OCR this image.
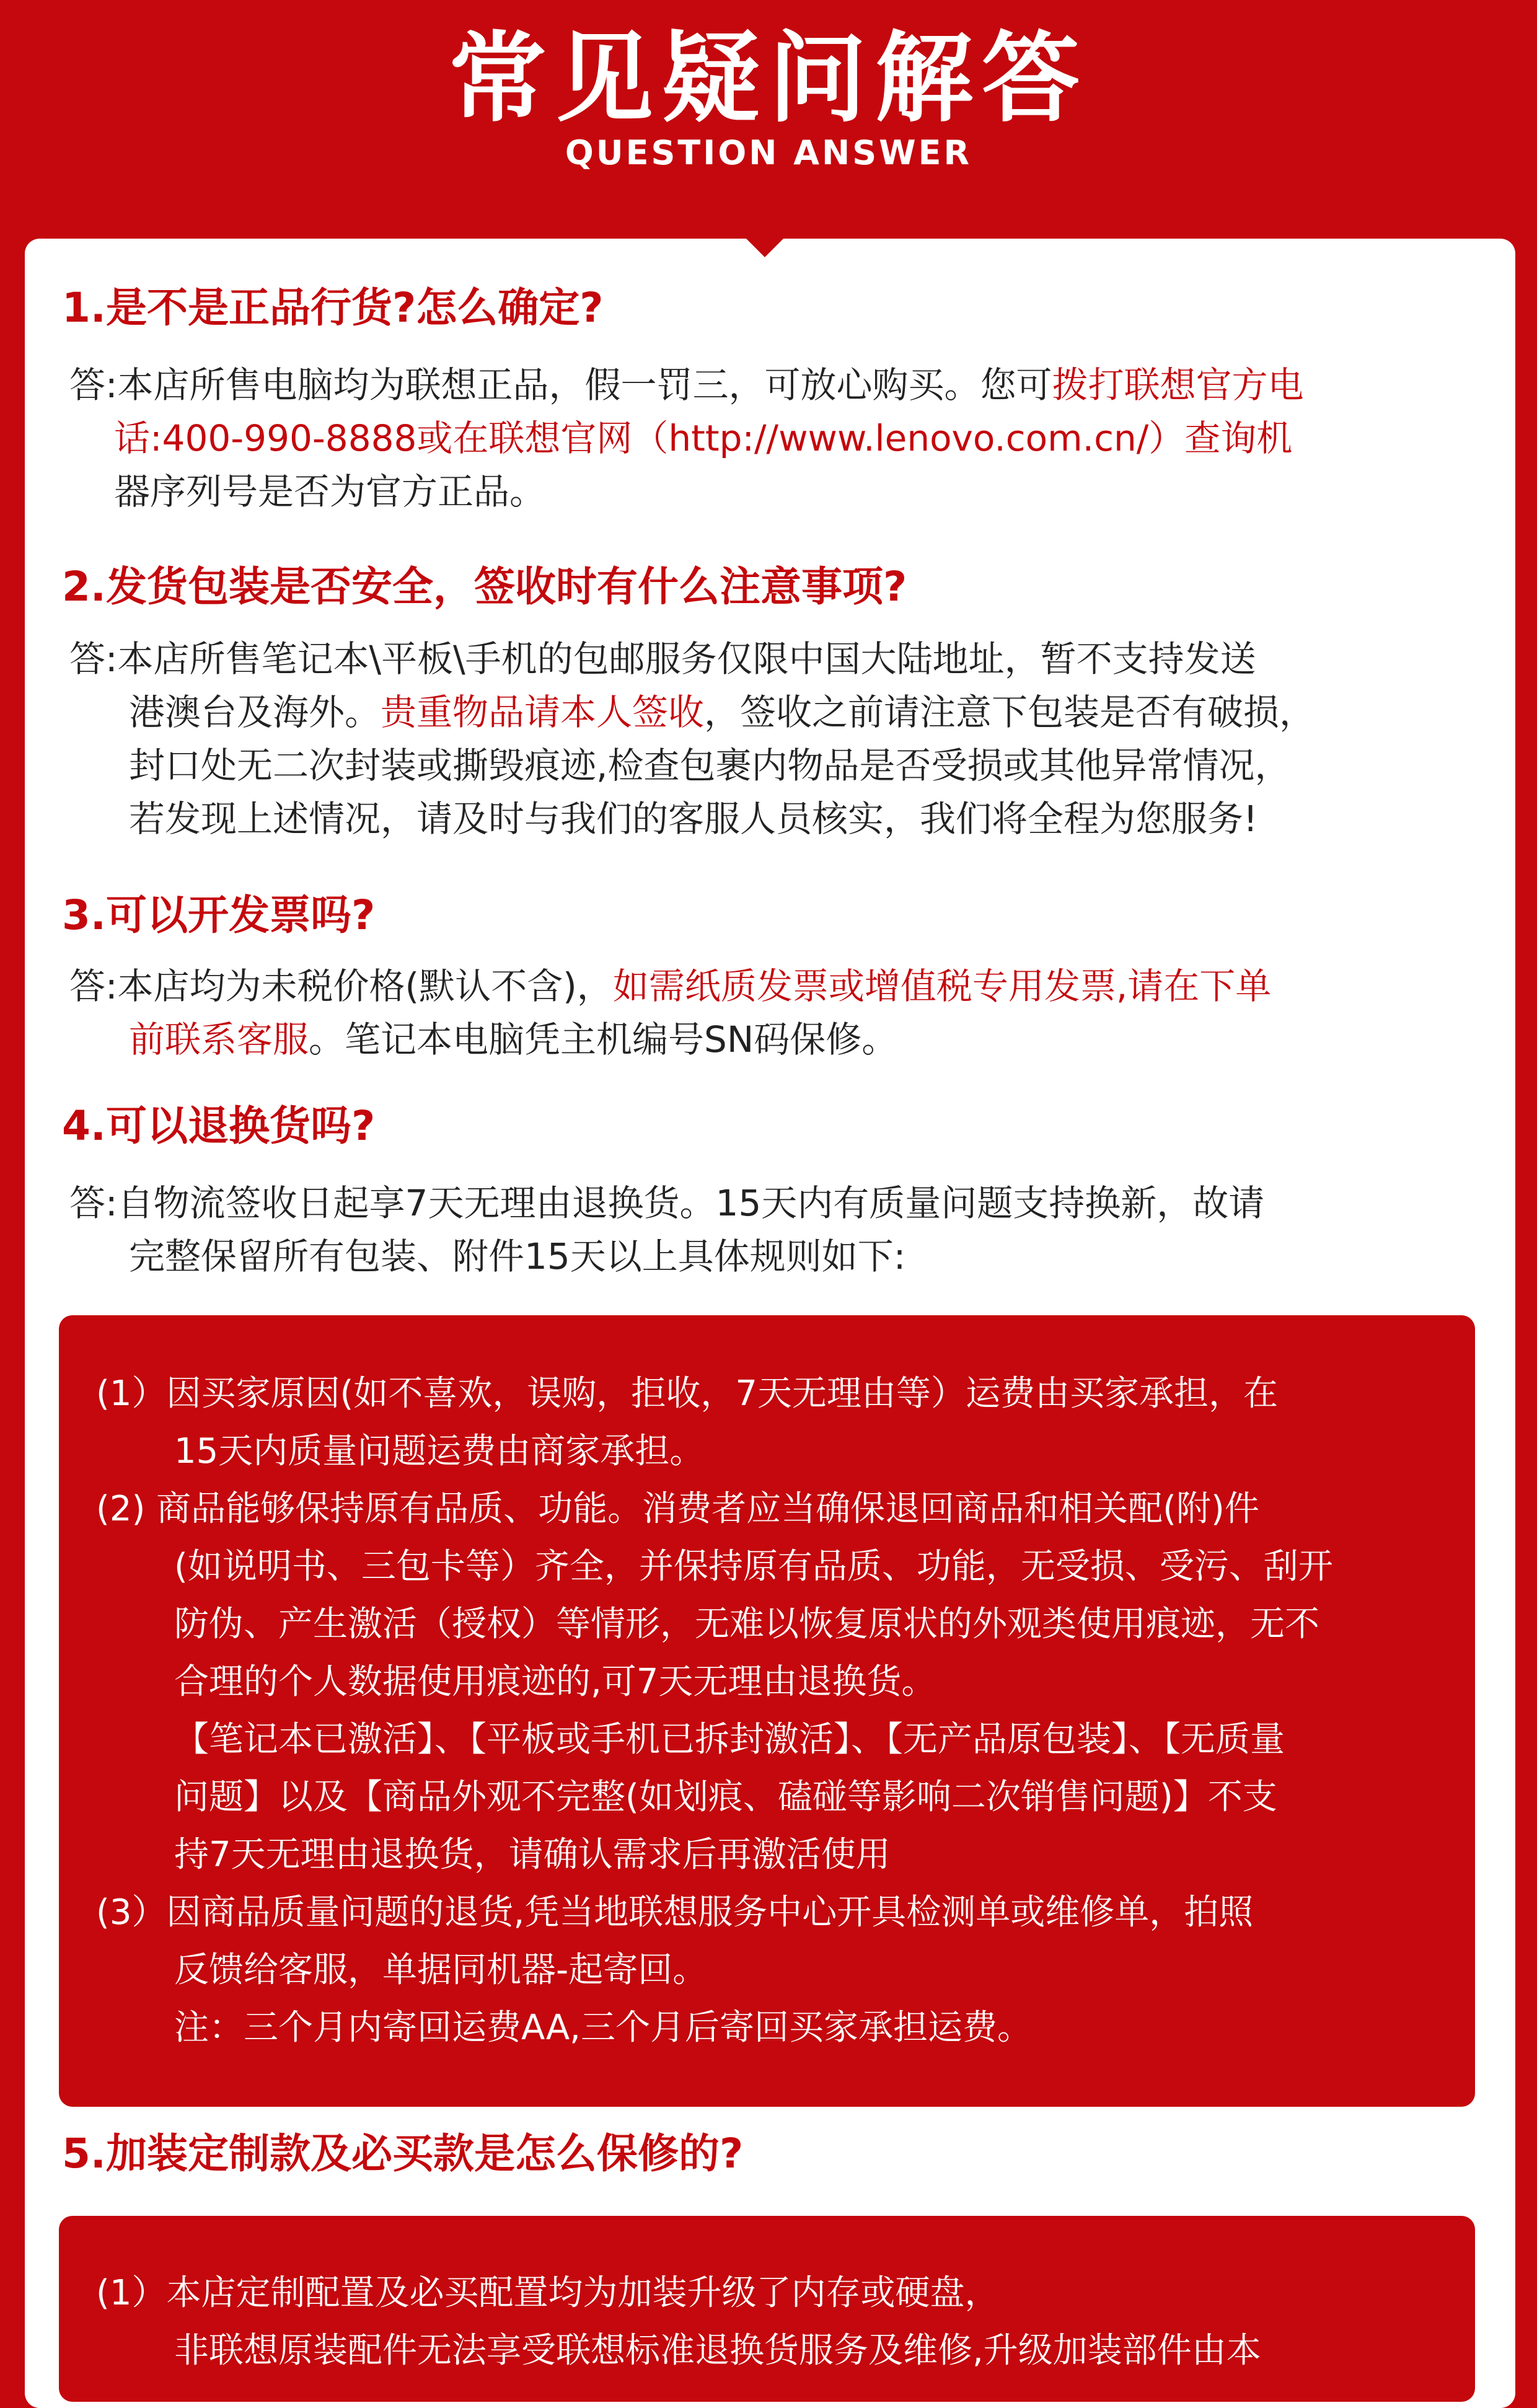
常见疑问解答
QUESTION ANSWER
1.是不是正品行货?怎么确定?
答:本店所售电脑均为联想正品，假一罚三，可放心购买。您可拨打联想官方电
话:400-990-8888或在联想官网（http://www.lenovo.com.cn/）查询机
器序列号是否为官方正品。
2.发货包装是否安全，签收时有什么注意事项?
答:本店所售笔记本\平板\手机的包邮服务仅限中国大陆地址，暂不支持发送
港澳台及海外。贵重物品请本人签收，签收之前请注意下包装是否有破损，
封口处无二次封装或撕毁痕迹,检查包裹内物品是否受损或其他异常情况，
若发现上述情况，请及时与我们的客服人员核实，我们将全程为您服务!
3.可以开发票吗?
答:本店均为未税价格(默认不含)，如需纸质发票或增值税专用发票,请在下单
前联系客服。笔记本电脑凭主机编号SN码保修。
4.可以退换货吗?
答:自物流签收日起享7天无理由退换货。15天内有质量问题支持换新，故请
完整保留所有包装、附件15天以上具体规则如下:
(1）因买家原因(如不喜欢，误购，拒收，7天无理由等）运费由买家承担，在
15天内质量问题运费由商家承担。
(2) 商品能够保持原有品质、功能。消费者应当确保退回商品和相关配(附)件
(如说明书、三包卡等）齐全，并保持原有品质、功能，无受损、受污、刮开
防伪、产生激活（授权）等情形，无难以恢复原状的外观类使用痕迹，无不
合理的个人数据使用痕迹的,可7天无理由退换货。
【笔记本已激活】、【平板或手机已拆封激活】、【无产品原包装】、【无质量
问题】以及【商品外观不完整(如划痕、磕碰等影响二次销售问题)】不支
持7天无理由退换货，请确认需求后再激活使用
(3）因商品质量问题的退货,凭当地联想服务中心开具检测单或维修单，拍照
反馈给客服，单据同机器-起寄回。
注：三个月内寄回运费AA,三个月后寄回买家承担运费。
5.加装定制款及必买款是怎么保修的?
(1）本店定制配置及必买配置均为加装升级了内存或硬盘，
非联想原装配件无法享受联想标准退换货服务及维修,升级加装部件由本
